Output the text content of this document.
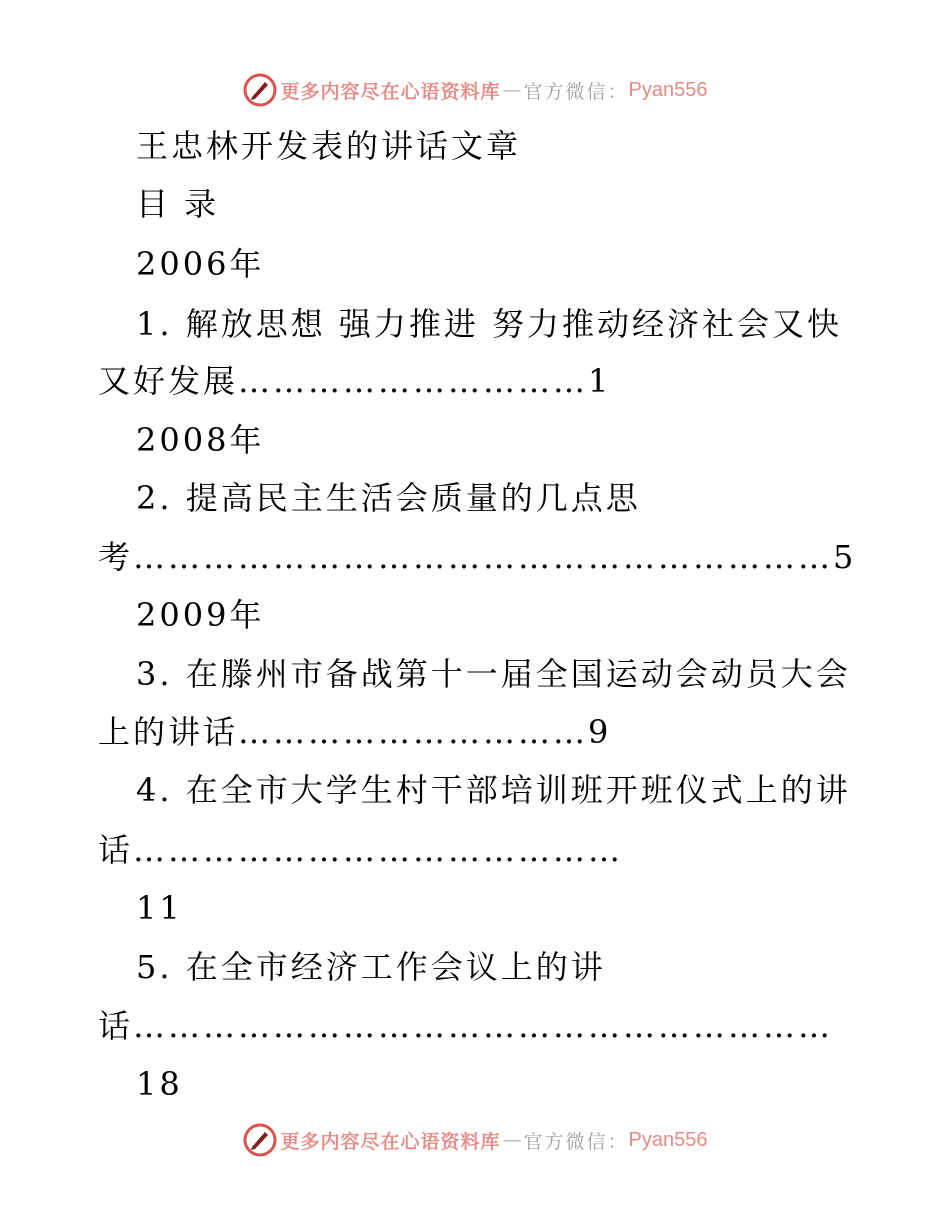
更多内容尽在心语资料库 — 官方微信： Pyan556
王忠林开发表的讲话文章
目 录
2006年
1. 解放思想 强力推进 努力推动经济社会又快
又好发展…………………………1
2008年
2. 提高民主生活会质量的几点思
考……………………………………………………5
2009年
3. 在滕州市备战第十一届全国运动会动员大会
上的讲话…………………………9
4. 在全市大学生村干部培训班开班仪式上的讲
话……………………………………
11
5. 在全市经济工作会议上的讲
话……………………………………………………
18
更多内容尽在心语资料库 — 官方微信： Pyan556
